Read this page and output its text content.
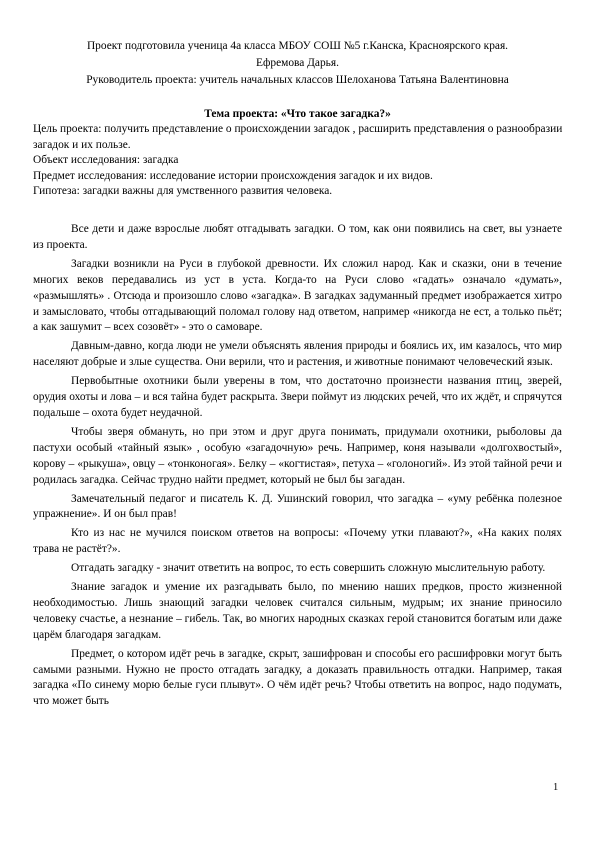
Проект подготовила ученица 4а класса МБОУ СОШ №5 г.Канска, Красноярского края.
Ефремова Дарья.
Руководитель проекта: учитель начальных классов Шелоханова Татьяна Валентиновна
Тема проекта: «Что такое загадка?»

Цель проекта: получить представление о происхождении загадок , расширить представления о разнообразии загадок и их пользе.

Объект исследования: загадка

Предмет исследования: исследование истории происхождения загадок и их видов.

Гипотеза: загадки важны для умственного развития человека.

Все дети и даже взрослые любят отгадывать загадки. О том, как они появились на свет, вы узнаете из проекта.

Загадки возникли на Руси в глубокой древности. Их сложил народ. Как и сказки, они в течение многих веков передавались из уст в уста. Когда-то на Руси слово «гадать» означало «думать», «размышлять» . Отсюда и произошло слово «загадка». В загадках задуманный предмет изображается хитро и замысловато, чтобы отгадывающий поломал голову над ответом, например «никогда не ест, а только пьёт; а как зашумит – всех созовёт» - это о самоваре.

Давным-давно, когда люди не умели объяснять явления природы и боялись их, им казалось, что мир населяют добрые и злые существа. Они верили, что и растения, и животные понимают человеческий язык.

Первобытные охотники были уверены в том, что достаточно произнести названия птиц, зверей, орудия охоты и лова – и вся тайна будет раскрыта. Звери поймут из людских речей, что их ждёт, и спрячутся подальше – охота будет неудачной.

Чтобы зверя обмануть, но при этом и друг друга понимать, придумали охотники, рыболовы да пастухи особый «тайный язык» , особую «загадочную» речь. Например, коня называли «долгохвостый», корову – «рыкуша», овцу – «тонконогая». Белку – «когтистая», петуха – «голоногий». Из этой тайной речи и родилась загадка. Сейчас трудно найти предмет, который не был бы загадан.

Замечательный педагог и писатель К. Д. Ушинский говорил, что загадка – «уму ребёнка полезное упражнение». И он был прав!

Кто из нас не мучился поиском ответов на вопросы: «Почему утки плавают?», «На каких полях трава не растёт?».

Отгадать загадку - значит ответить на вопрос, то есть совершить сложную мыслительную работу.

Знание загадок и умение их разгадывать было, по мнению наших предков, просто жизненной необходимостью. Лишь знающий загадки человек считался сильным, мудрым; их знание приносило человеку счастье, а незнание – гибель. Так, во многих народных сказках герой становится богатым или даже царём благодаря загадкам.

Предмет, о котором идёт речь в загадке, скрыт, зашифрован и способы его расшифровки могут быть самыми разными. Нужно не просто отгадать загадку, а доказать правильность отгадки. Например, такая загадка «По синему морю белые гуси плывут». О чём идёт речь? Чтобы ответить на вопрос, надо подумать, что может быть

1
